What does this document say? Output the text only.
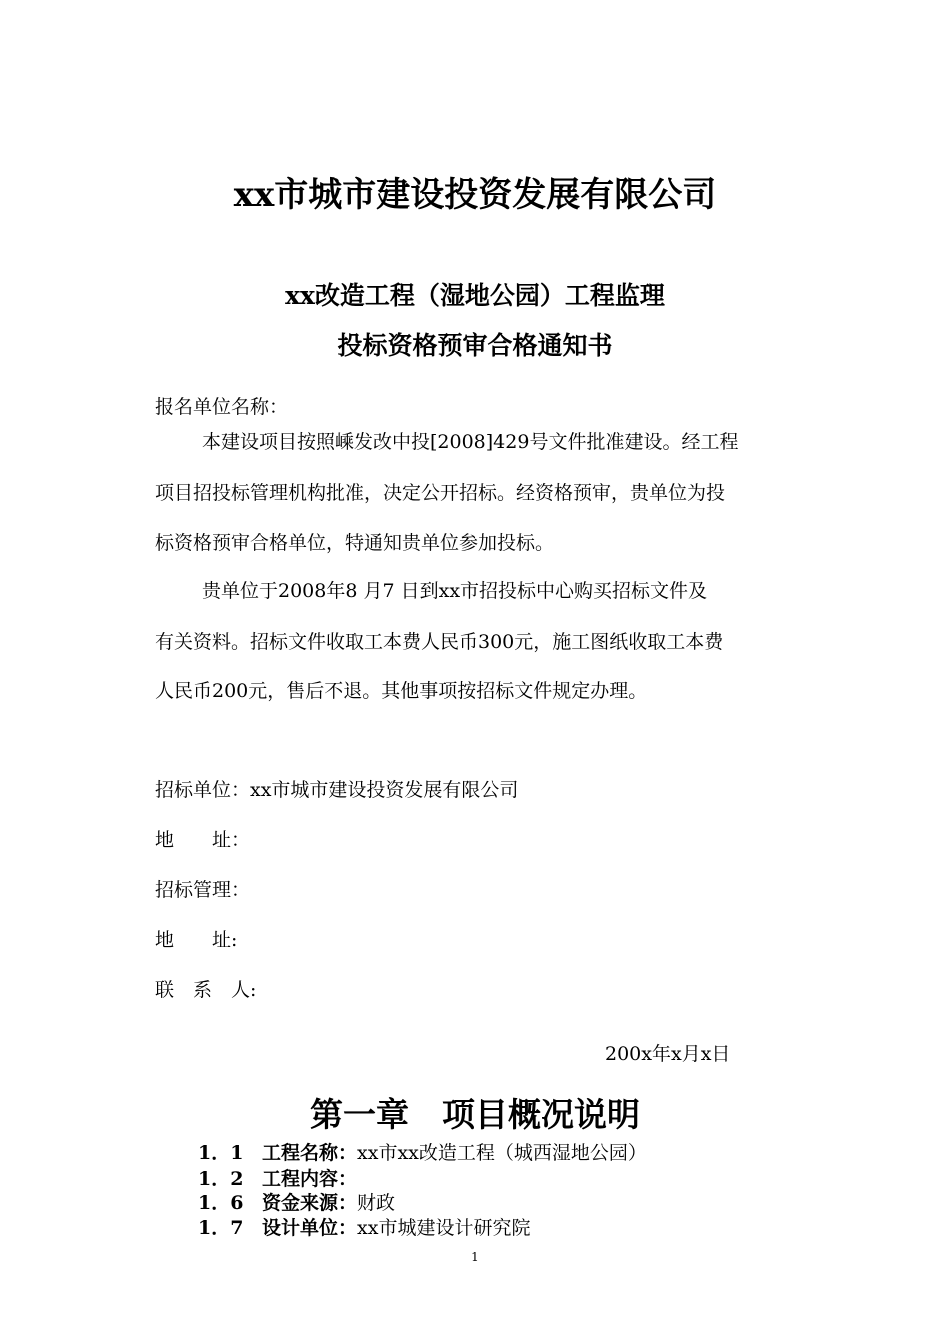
xx市城市建设投资发展有限公司
xx改造工程（湿地公园）工程监理
投标资格预审合格通知书
报名单位名称：
本建设项目按照嵊发改中投[2008]429号文件批准建设。经工程
项目招投标管理机构批准，决定公开招标。经资格预审，贵单位为投
标资格预审合格单位，特通知贵单位参加投标。
贵单位于2008年8 月7 日到xx市招投标中心购买招标文件及
有关资料。招标文件收取工本费人民币300元，施工图纸收取工本费
人民币200元，售后不退。其他事项按招标文件规定办理。
招标单位：xx市城市建设投资发展有限公司
地　　址：
招标管理：
地　　址:
联　系　人:
200x年x月x日
第一章　项目概况说明
1．1 工程名称：xx市xx改造工程（城西湿地公园）
1．2 工程内容：
1．6 资金来源：财政
1．7 设计单位：xx市城建设计研究院
1
